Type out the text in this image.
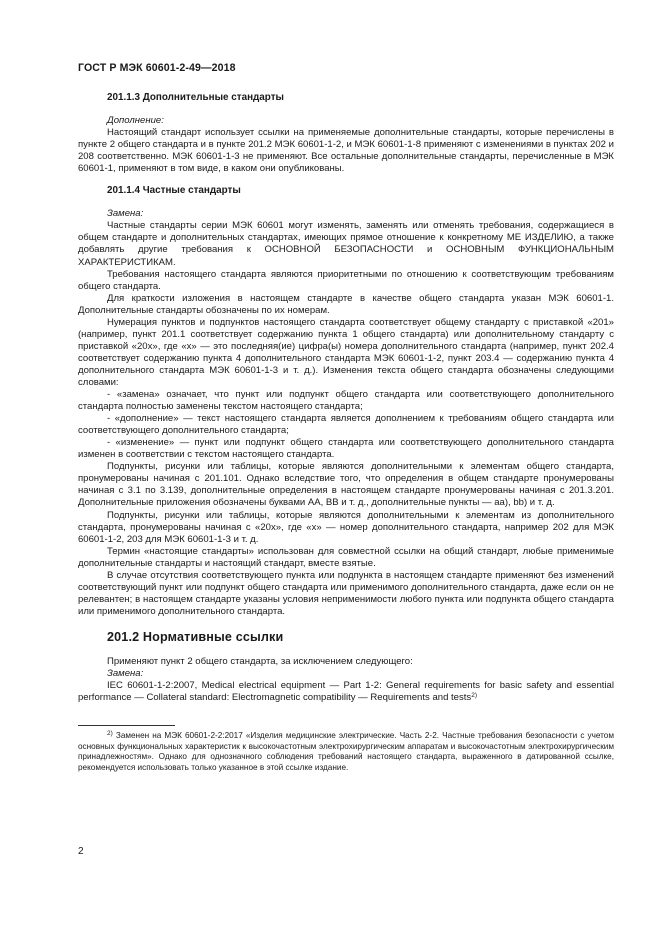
ГОСТ Р МЭК 60601-2-49—2018
201.1.3 Дополнительные стандарты

Дополнение:

Настоящий стандарт использует ссылки на применяемые дополнительные стандарты, которые перечислены в пункте 2 общего стандарта и в пункте 201.2 МЭК 60601-1-2, и МЭК 60601-1-8 применяют с изменениями в пунктах 202 и 208 соответственно. МЭК 60601-1-3 не применяют. Все остальные дополнительные стандарты, перечисленные в МЭК 60601-1, применяют в том виде, в каком они опубликованы.

201.1.4 Частные стандарты

Замена:

Частные стандарты серии МЭК 60601 могут изменять, заменять или отменять требования, содержащиеся в общем стандарте и дополнительных стандартах, имеющих прямое отношение к конкретному МЕ ИЗДЕЛИЮ, а также добавлять другие требования к ОСНОВНОЙ БЕЗОПАСНОСТИ и ОСНОВНЫМ ФУНКЦИОНАЛЬНЫМ ХАРАКТЕРИСТИКАМ.

Требования настоящего стандарта являются приоритетными по отношению к соответствующим требованиям общего стандарта.

Для краткости изложения в настоящем стандарте в качестве общего стандарта указан МЭК 60601-1. Дополнительные стандарты обозначены по их номерам.

Нумерация пунктов и подпунктов настоящего стандарта соответствует общему стандарту с приставкой «201» (например, пункт 201.1 соответствует содержанию пункта 1 общего стандарта) или дополнительному стандарту с приставкой «20х», где «х» — это последняя(ие) цифра(ы) номера дополнительного стандарта (например, пункт 202.4 соответствует содержанию пункта 4 дополнительного стандарта МЭК 60601-1-2, пункт 203.4 — содержанию пункта 4 дополнительного стандарта МЭК 60601-1-3 и т. д.). Изменения текста общего стандарта обозначены следующими словами:

- «замена» означает, что пункт или подпункт общего стандарта или соответствующего дополнительного стандарта полностью заменены текстом настоящего стандарта;

- «дополнение» — текст настоящего стандарта является дополнением к требованиям общего стандарта или соответствующего дополнительного стандарта;

- «изменение» — пункт или подпункт общего стандарта или соответствующего дополнительного стандарта изменен в соответствии с текстом настоящего стандарта.

Подпункты, рисунки или таблицы, которые являются дополнительными к элементам общего стандарта, пронумерованы начиная с 201.101. Однако вследствие того, что определения в общем стандарте пронумерованы начиная с 3.1 по 3.139, дополнительные определения в настоящем стандарте пронумерованы начиная с 201.3.201. Дополнительные приложения обозначены буквами АА, ВВ и т. д., дополнительные пункты — аа), bb) и т. д.

Подпункты, рисунки или таблицы, которые являются дополнительными к элементам из дополнительного стандарта, пронумерованы начиная с «20х», где «х» — номер дополнительного стандарта, например 202 для МЭК 60601-1-2, 203 для МЭК 60601-1-3 и т. д.

Термин «настоящие стандарты» использован для совместной ссылки на общий стандарт, любые применимые дополнительные стандарты и настоящий стандарт, вместе взятые.

В случае отсутствия соответствующего пункта или подпункта в настоящем стандарте применяют без изменений соответствующий пункт или подпункт общего стандарта или применимого дополнительного стандарта, даже если он не релевантен; в настоящем стандарте указаны условия неприменимости любого пункта или подпункта общего стандарта или применимого дополнительного стандарта.

201.2 Нормативные ссылки

Применяют пункт 2 общего стандарта, за исключением следующего:

Замена:

IEC 60601-1-2:2007, Medical electrical equipment — Part 1-2: General requirements for basic safety and essential performance — Collateral standard: Electromagnetic compatibility — Requirements and tests$^{2)}$

$^{2)}$ Заменен на МЭК 60601-2-2:2017 «Изделия медицинские электрические. Часть 2-2. Частные требования безопасности с учетом основных функциональных характеристик к высокочастотным электрохирургическим аппаратам и высокочастотным электрохирургическим принадлежностям». Однако для однозначного соблюдения требований настоящего стандарта, выраженного в датированной ссылке, рекомендуется использовать только указанное в этой ссылке издание.

2
